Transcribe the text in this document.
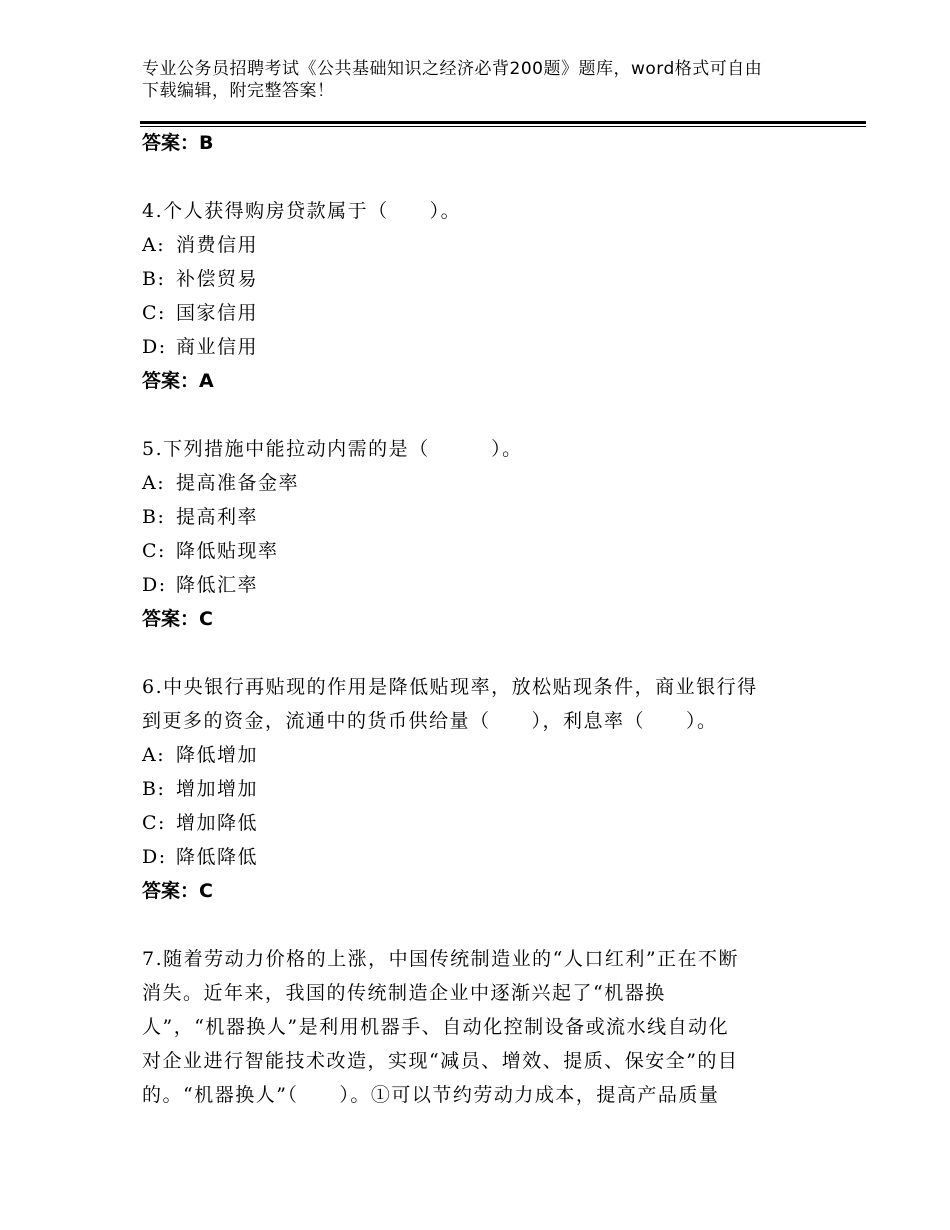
专业公务员招聘考试《公共基础知识之经济必背200题》题库，word格式可自由
下载编辑，附完整答案！
答案：B
4.个人获得购房贷款属于（　　）。
A: 消费信用
B: 补偿贸易
C: 国家信用
D: 商业信用
答案：A
5.下列措施中能拉动内需的是（　　　）。
A: 提高准备金率
B: 提高利率
C: 降低贴现率
D: 降低汇率
答案：C
6.中央银行再贴现的作用是降低贴现率，放松贴现条件，商业银行得
到更多的资金，流通中的货币供给量（　　），利息率（　　）。
A: 降低增加
B: 增加增加
C: 增加降低
D: 降低降低
答案：C
7.随着劳动力价格的上涨，中国传统制造业的“人口红利”正在不断
消失。近年来，我国的传统制造企业中逐渐兴起了“机器换
人”，“机器换人”是利用机器手、自动化控制设备或流水线自动化
对企业进行智能技术改造，实现“减员、增效、提质、保安全”的目
的。“机器换人”（　　）。①可以节约劳动力成本，提高产品质量
